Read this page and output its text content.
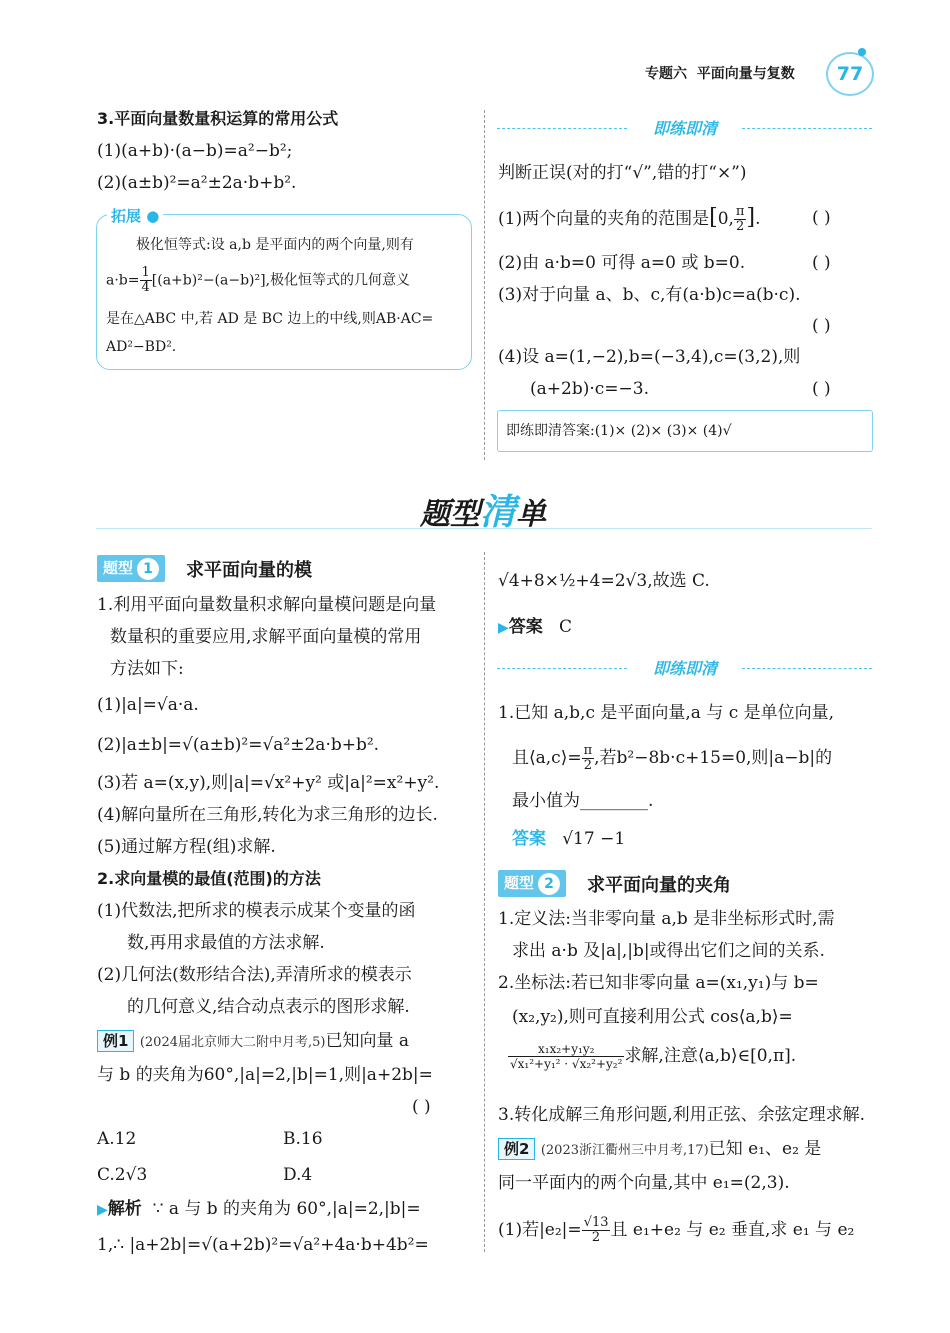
专题六 平面向量与复数	77
3.平面向量数量积运算的常用公式
(1)(a+b)·(a−b)=a²−b²;
(2)(a±b)²=a²±2a·b+b².
拓展 ●
极化恒等式:设 a,b 是平面内的两个向量,则有
$a\cdot b= \frac{1}{4} [(a+b)^2-(a-b)^2]$,极化恒等式的几何意义
是在△ABC 中,若 AD 是 BC 边上的中线,则AB·AC=
AD²−BD².
即练即清
判断正误(对的打“√”,错的打“×”)
(1)两个向量的夹角的范围是[0, $\frac{\pi}{2}$ ].	( )
(2)由 a·b=0 可得 a=0 或 b=0.	( )
(3)对于向量 a、b、c,有(a·b)c=a(b·c).
( )
(4)设 a=(1,−2),b=(−3,4),c=(3,2),则
(a+2b)·c=−3.	( )
即练即清答案:(1)× (2)× (3)× (4)√
题型清单
题型 1	求平面向量的模
1.利用平面向量数量积求解向量模问题是向量
数量积的重要应用,求解平面向量模的常用
方法如下:
(1)|a|=√a·a.
(2)|a±b|=√(a±b)²=√a²±2a·b+b².
(3)若 a=(x,y),则|a|=√x²+y² 或|a|²=x²+y².
(4)解向量所在三角形,转化为求三角形的边长.
(5)通过解方程(组)求解.
2.求向量模的最值(范围)的方法
(1)代数法,把所求的模表示成某个变量的函
数,再用求最值的方法求解.
(2)几何法(数形结合法),弄清所求的模表示
的几何意义,结合动点表示的图形求解.
例1 (2024届北京师大二附中月考,5)已知向量 a
与 b 的夹角为60°,|a|=2,|b|=1,则|a+2b|=
( )
A.12	B.16
C.2√3	D.4
▶解析 ∵ a 与 b 的夹角为 60°,|a|=2,|b|=
1,∴ |a+2b|=√(a+2b)²=√a²+4a·b+4b²=
√4+8×½+4=2√3,故选 C.
▶答案 C
即练即清
1.已知 a,b,c 是平面向量,a 与 c 是单位向量,
且⟨a,c⟩= $\frac{\pi}{2}$ ,若b²−8b·c+15=0,则|a−b|的
最小值为________.
答案 √17 −1
题型 2	求平面向量的夹角
1.定义法:当非零向量 a,b 是非坐标形式时,需
求出 a·b 及|a|,|b|或得出它们之间的关系.
2.坐标法:若已知非零向量 a=(x₁,y₁)与 b=
(x₂,y₂),则可直接利用公式 cos⟨a,b⟩=
$\frac{\text{x₁x₂+y₁y₂}}{\text{√x₁²+y₁² · √x₂²+y₂²}}$ 求解,注意⟨a,b⟩∈[0,π].
3.转化成解三角形问题,利用正弦、余弦定理求解.
例2 (2023浙江衢州三中月考,17)已知 e₁、e₂ 是
同一平面内的两个向量,其中 e₁=(2,3).
(1)若$|e_2|= \frac{√13}{2}$ 且 e₁+e₂ 与 e₂ 垂直,求 e₁ 与 e₂
